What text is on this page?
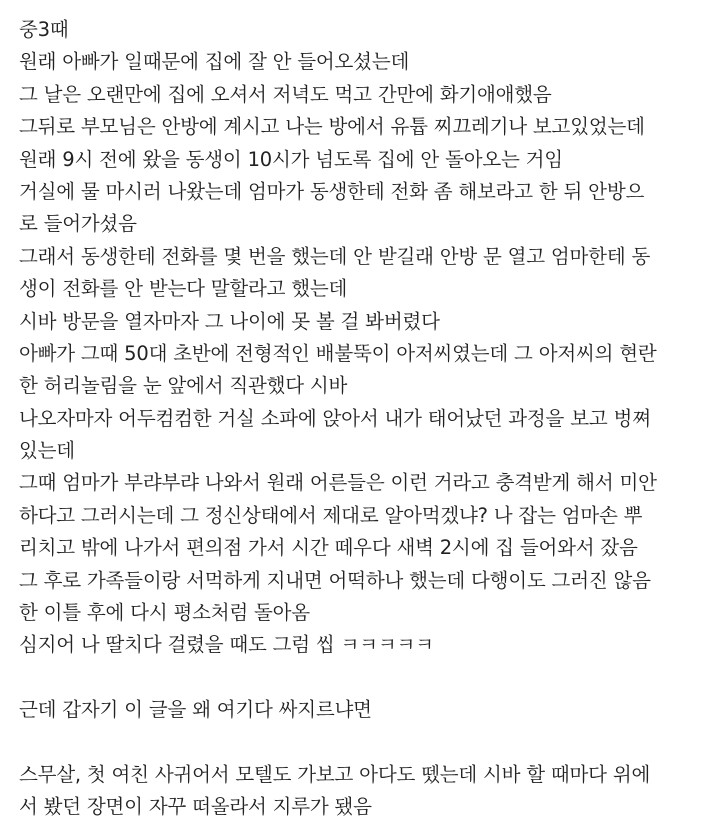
중3때
원래 아빠가 일때문에 집에 잘 안 들어오셨는데
그 날은 오랜만에 집에 오셔서 저녁도 먹고 간만에 화기애애했음
그뒤로 부모님은 안방에 계시고 나는 방에서 유튭 찌끄레기나 보고있었는데
원래 9시 전에 왔을 동생이 10시가 넘도록 집에 안 돌아오는 거임
거실에 물 마시러 나왔는데 엄마가 동생한테 전화 좀 해보라고 한 뒤 안방으
로 들어가셨음
그래서 동생한테 전화를 몇 번을 했는데 안 받길래 안방 문 열고 엄마한테 동
생이 전화를 안 받는다 말할라고 했는데
시바 방문을 열자마자 그 나이에 못 볼 걸 봐버렸다
아빠가 그때 50대 초반에 전형적인 배불뚝이 아저씨였는데 그 아저씨의 현란
한 허리놀림을 눈 앞에서 직관했다 시바
나오자마자 어두컴컴한 거실 소파에 앉아서 내가 태어났던 과정을 보고 벙쪄
있는데
그때 엄마가 부랴부랴 나와서 원래 어른들은 이런 거라고 충격받게 해서 미안
하다고 그러시는데 그 정신상태에서 제대로 알아먹겠냐? 나 잡는 엄마손 뿌
리치고 밖에 나가서 편의점 가서 시간 떼우다 새벽 2시에 집 들어와서 잤음
그 후로 가족들이랑 서먹하게 지내면 어떡하나 했는데 다행이도 그러진 않음
한 이틀 후에 다시 평소처럼 돌아옴
심지어 나 딸치다 걸렸을 때도 그럼 씹 ㅋㅋㅋㅋㅋ
근데 갑자기 이 글을 왜 여기다 싸지르냐면
스무살, 첫 여친 사귀어서 모텔도 가보고 아다도 뗐는데 시바 할 때마다 위에
서 봤던 장면이 자꾸 떠올라서 지루가 됐음
